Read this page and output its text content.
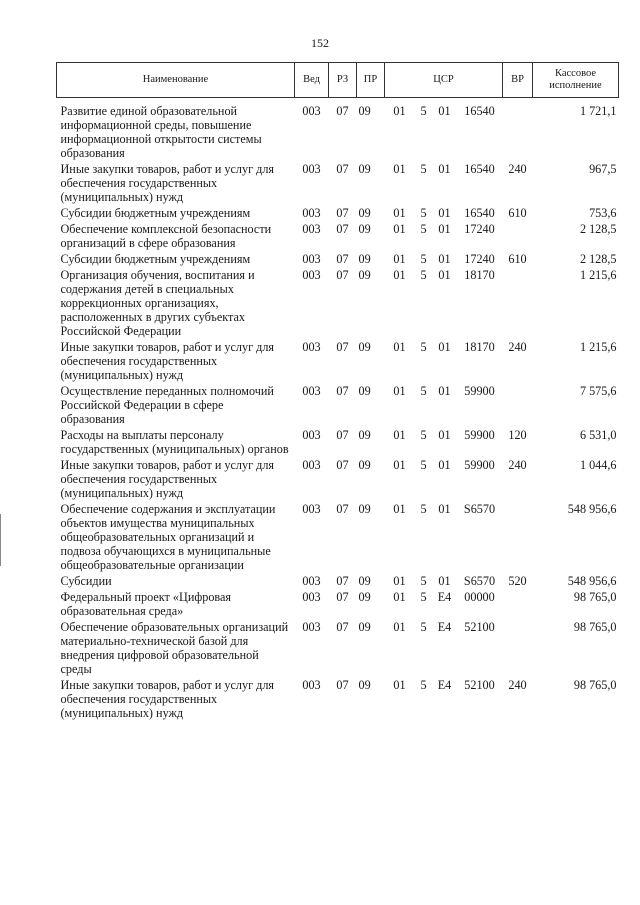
152
Наименование	Вед	РЗ	ПР	ЦСР				ВР	Кассовое исполнение
Развитие единой образовательной информационной среды, повышение информационной открытости системы образования	003	07	09	01	5	01	16540		1 721,1
Иные закупки товаров, работ и услуг для обеспечения государственных (муниципальных) нужд	003	07	09	01	5	01	16540	240	967,5
Субсидии бюджетным учреждениям	003	07	09	01	5	01	16540	610	753,6
Обеспечение комплексной безопасности организаций в сфере образования	003	07	09	01	5	01	17240		2 128,5
Субсидии бюджетным учреждениям	003	07	09	01	5	01	17240	610	2 128,5
Организация обучения, воспитания и содержания детей в специальных коррекционных организациях, расположенных в других субъектах Российской Федерации	003	07	09	01	5	01	18170		1 215,6
Иные закупки товаров, работ и услуг для обеспечения государственных (муниципальных) нужд	003	07	09	01	5	01	18170	240	1 215,6
Осуществление переданных полномочий Российской Федерации в сфере образования	003	07	09	01	5	01	59900		7 575,6
Расходы на выплаты персоналу государственных (муниципальных) органов	003	07	09	01	5	01	59900	120	6 531,0
Иные закупки товаров, работ и услуг для обеспечения государственных (муниципальных) нужд	003	07	09	01	5	01	59900	240	1 044,6
Обеспечение содержания и эксплуатации объектов имущества муниципальных общеобразовательных организаций и подвоза обучающихся в муниципальные общеобразовательные организации	003	07	09	01	5	01	S6570		548 956,6
Субсидии	003	07	09	01	5	01	S6570	520	548 956,6
Федеральный проект «Цифровая образовательная среда»	003	07	09	01	5	E4	00000		98 765,0
Обеспечение образовательных организаций материально-технической базой для внедрения цифровой образовательной среды	003	07	09	01	5	E4	52100		98 765,0
Иные закупки товаров, работ и услуг для обеспечения государственных (муниципальных) нужд	003	07	09	01	5	E4	52100	240	98 765,0
